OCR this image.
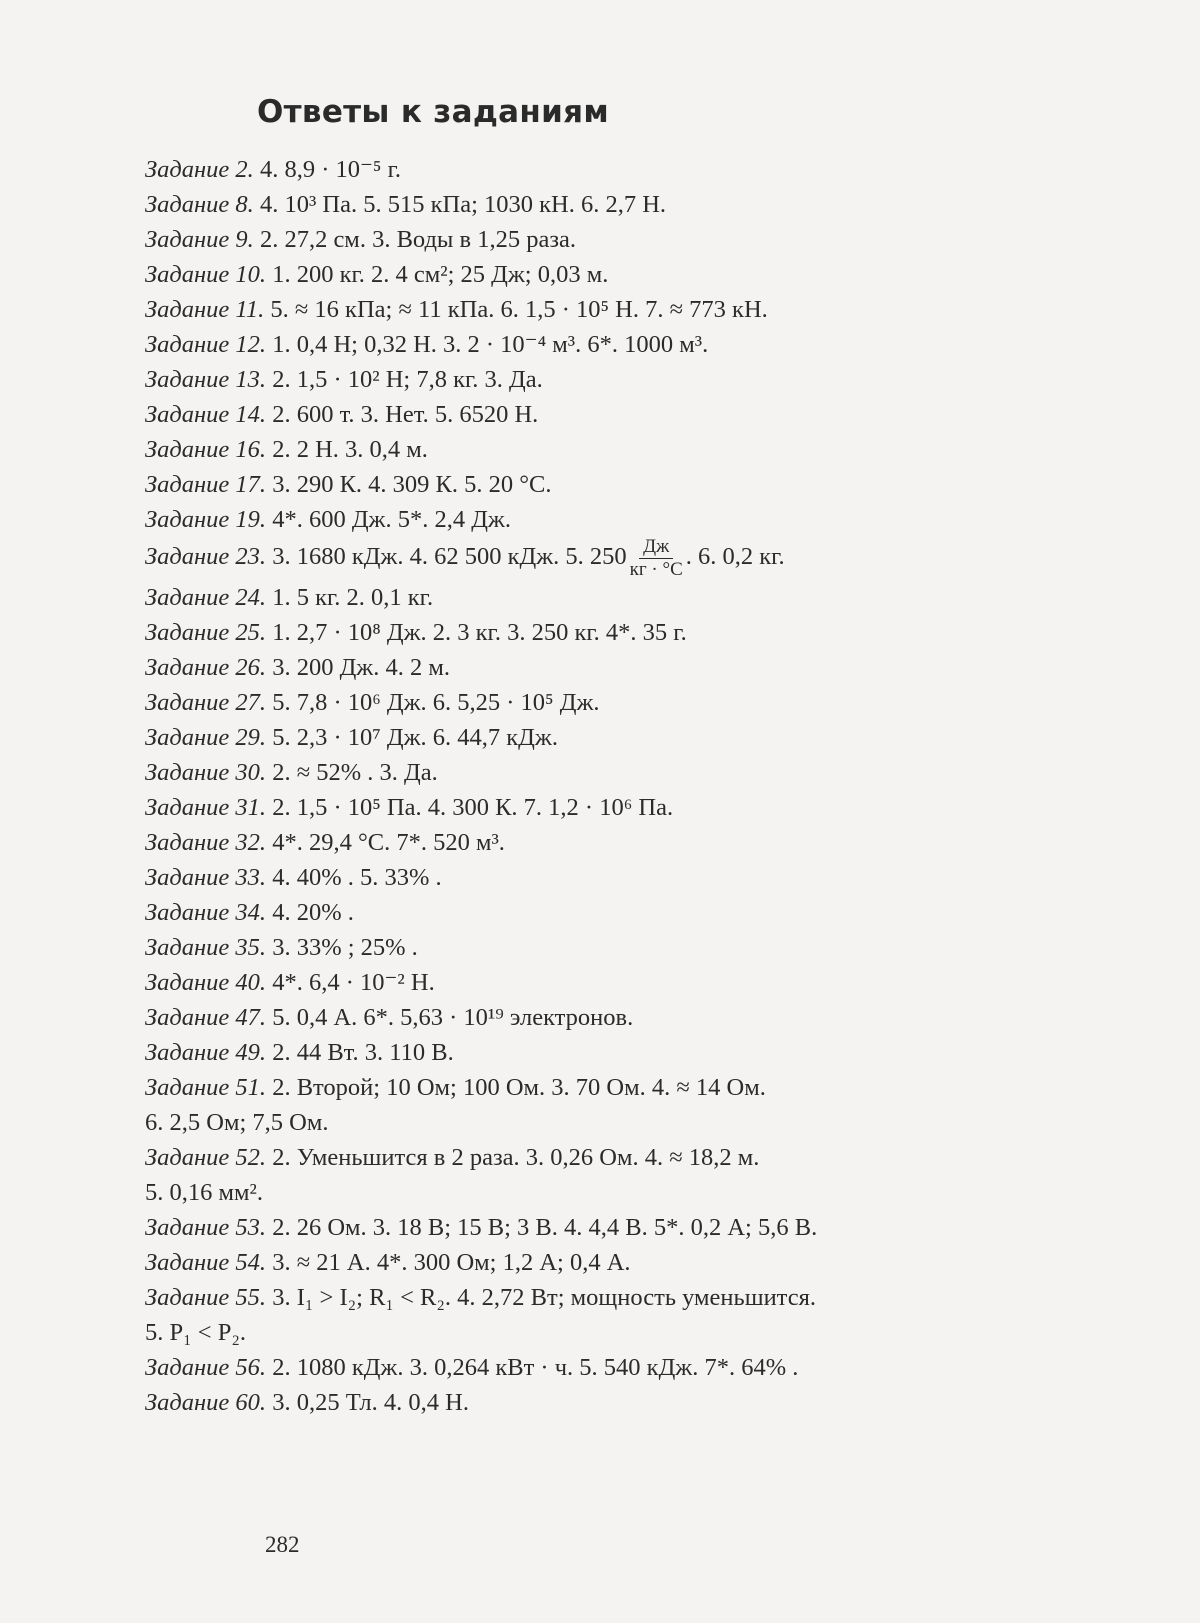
Ответы к заданиям
Задание 2. 4. 8,9 · 10⁻⁵ г.
Задание 8. 4. 10³ Па. 5. 515 кПа; 1030 кН. 6. 2,7 Н.
Задание 9. 2. 27,2 см. 3. Воды в 1,25 раза.
Задание 10. 1. 200 кг. 2. 4 см²; 25 Дж; 0,03 м.
Задание 11. 5. ≈ 16 кПа; ≈ 11 кПа. 6. 1,5 · 10⁵ Н. 7. ≈ 773 кН.
Задание 12. 1. 0,4 Н; 0,32 Н. 3. 2 · 10⁻⁴ м³. 6*. 1000 м³.
Задание 13. 2. 1,5 · 10² Н; 7,8 кг. 3. Да.
Задание 14. 2. 600 т. 3. Нет. 5. 6520 Н.
Задание 16. 2. 2 Н. 3. 0,4 м.
Задание 17. 3. 290 К. 4. 309 К. 5. 20 °С.
Задание 19. 4*. 600 Дж. 5*. 2,4 Дж.
Задание 23. 3. 1680 кДж. 4. 62 500 кДж. 5. $250 \frac{Дж}{кг \cdot ^\circ С}$ . 6. 0,2 кг.
Задание 24. 1. 5 кг. 2. 0,1 кг.
Задание 25. 1. 2,7 · 10⁸ Дж. 2. 3 кг. 3. 250 кг. 4*. 35 г.
Задание 26. 3. 200 Дж. 4. 2 м.
Задание 27. 5. 7,8 · 10⁶ Дж. 6. 5,25 · 10⁵ Дж.
Задание 29. 5. 2,3 · 10⁷ Дж. 6. 44,7 кДж.
Задание 30. 2. ≈ 52% . 3. Да.
Задание 31. 2. 1,5 · 10⁵ Па. 4. 300 К. 7. 1,2 · 10⁶ Па.
Задание 32. 4*. 29,4 °С. 7*. 520 м³.
Задание 33. 4. 40% . 5. 33% .
Задание 34. 4. 20% .
Задание 35. 3. 33% ; 25% .
Задание 40. 4*. 6,4 · 10⁻² Н.
Задание 47. 5. 0,4 А. 6*. 5,63 · 10¹⁹ электронов.
Задание 49. 2. 44 Вт. 3. 110 В.
Задание 51. 2. Второй; 10 Ом; 100 Ом. 3. 70 Ом. 4. ≈ 14 Ом.
6. 2,5 Ом; 7,5 Ом.
Задание 52. 2. Уменьшится в 2 раза. 3. 0,26 Ом. 4. ≈ 18,2 м.
5. 0,16 мм².
Задание 53. 2. 26 Ом. 3. 18 В; 15 В; 3 В. 4. 4,4 В. 5*. 0,2 А; 5,6 В.
Задание 54. 3. ≈ 21 А. 4*. 300 Ом; 1,2 А; 0,4 А.
Задание 55. 3. I₁ > I₂; R₁ < R₂. 4. 2,72 Вт; мощность уменьшится.
5. P₁ < P₂.
Задание 56. 2. 1080 кДж. 3. 0,264 кВт · ч. 5. 540 кДж. 7*. 64% .
Задание 60. 3. 0,25 Тл. 4. 0,4 Н.
282
